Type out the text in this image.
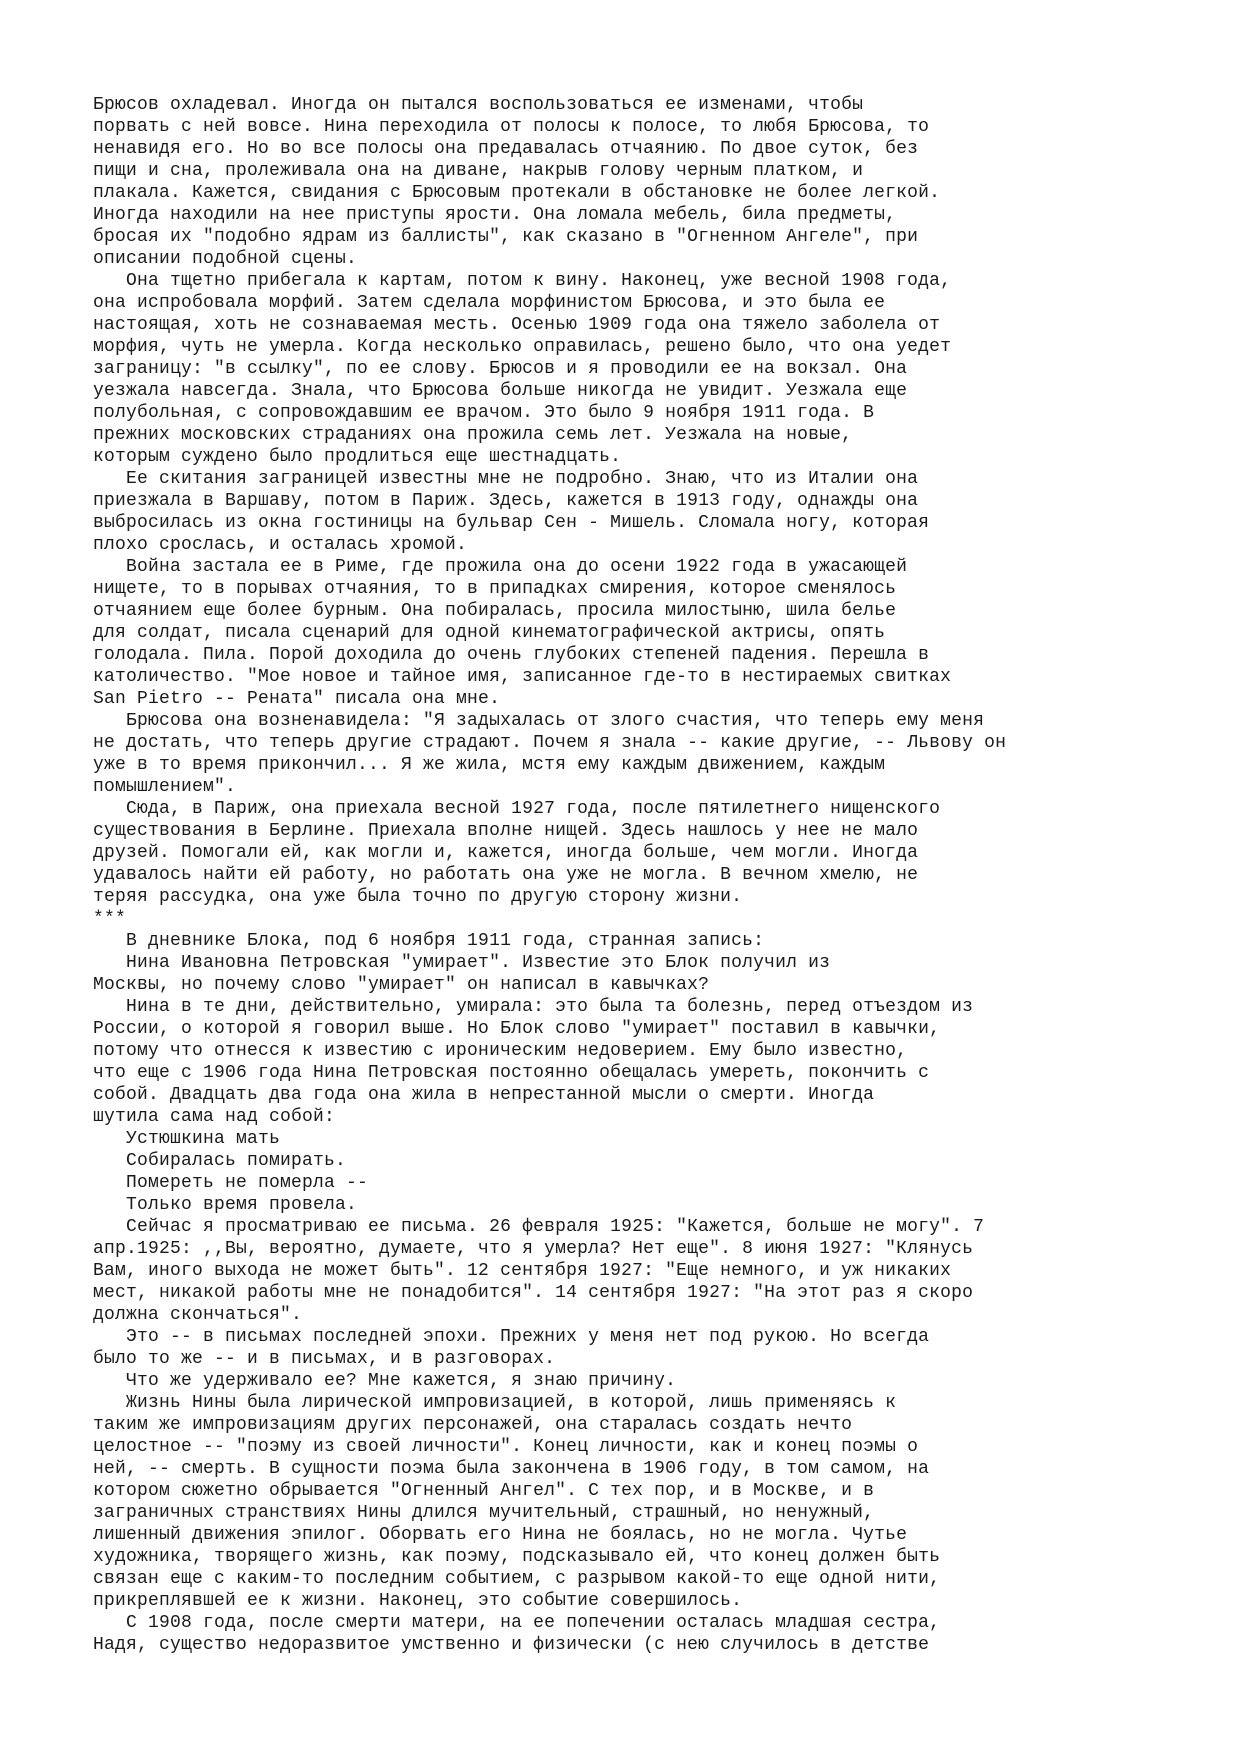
Брюсов охладевал. Иногда он пытался воспользоваться ее изменами, чтобы
порвать с ней вовсе. Нина переходила от полосы к полосе, то любя Брюсова, то
ненавидя его. Но во все полосы она предавалась отчаянию. По двое суток, без
пищи и сна, пролеживала она на диване, накрыв голову черным платком, и
плакала. Кажется, свидания с Брюсовым протекали в обстановке не более легкой.
Иногда находили на нее приступы ярости. Она ломала мебель, била предметы,
бросая их "подобно ядрам из баллисты", как сказано в "Огненном Ангеле", при
описании подобной сцены.
Она тщетно прибегала к картам, потом к вину. Наконец, уже весной 1908 года,
она испробовала морфий. Затем сделала морфинистом Брюсова, и это была ее
настоящая, хоть не сознаваемая месть. Осенью 1909 года она тяжело заболела от
морфия, чуть не умерла. Когда несколько оправилась, решено было, что она уедет
заграницу: "в ссылку", по ее слову. Брюсов и я проводили ее на вокзал. Она
уезжала навсегда. Знала, что Брюсова больше никогда не увидит. Уезжала еще
полубольная, с сопровождавшим ее врачом. Это было 9 ноября 1911 года. В
прежних московских страданиях она прожила семь лет. Уезжала на новые,
которым суждено было продлиться еще шестнадцать.
Ее скитания заграницей известны мне не подробно. Знаю, что из Италии она
приезжала в Варшаву, потом в Париж. Здесь, кажется в 1913 году, однажды она
выбросилась из окна гостиницы на бульвар Сен - Мишель. Сломала ногу, которая
плохо срослась, и осталась хромой.
Война застала ее в Риме, где прожила она до осени 1922 года в ужасающей
нищете, то в порывах отчаяния, то в припадках смирения, которое сменялось
отчаянием еще более бурным. Она побиралась, просила милостыню, шила белье
для солдат, писала сценарий для одной кинематографической актрисы, опять
голодала. Пила. Порой доходила до очень глубоких степеней падения. Перешла в
католичество. "Мое новое и тайное имя, записанное где-то в нестираемых свитках
San Pietro -- Рената" писала она мне.
Брюсова она возненавидела: "Я задыхалась от злого счастия, что теперь ему меня
не достать, что теперь другие страдают. Почем я знала -- какие другие, -- Львову он
уже в то время прикончил... Я же жила, мстя ему каждым движением, каждым
помышлением".
Сюда, в Париж, она приехала весной 1927 года, после пятилетнего нищенского
существования в Берлине. Приехала вполне нищей. Здесь нашлось у нее не мало
друзей. Помогали ей, как могли и, кажется, иногда больше, чем могли. Иногда
удавалось найти ей работу, но работать она уже не могла. В вечном хмелю, не
теряя рассудка, она уже была точно по другую сторону жизни.
***
В дневнике Блока, под 6 ноября 1911 года, странная запись:
Нина Ивановна Петровская "умирает". Известие это Блок получил из
Москвы, но почему слово "умирает" он написал в кавычках?
Нина в те дни, действительно, умирала: это была та болезнь, перед отъездом из
России, о которой я говорил выше. Но Блок слово "умирает" поставил в кавычки,
потому что отнесся к известию с ироническим недоверием. Ему было известно,
что еще с 1906 года Нина Петровская постоянно обещалась умереть, покончить с
собой. Двадцать два года она жила в непрестанной мысли о смерти. Иногда
шутила сама над собой:
Устюшкина мать
Собиралась помирать.
Помереть не померла --
Только время провела.
Сейчас я просматриваю ее письма. 26 февраля 1925: "Кажется, больше не могу". 7
апр.1925: ,,Вы, вероятно, думаете, что я умерла? Нет еще". 8 июня 1927: "Клянусь
Вам, иного выхода не может быть". 12 сентября 1927: "Еще немного, и уж никаких
мест, никакой работы мне не понадобится". 14 сентября 1927: "На этот раз я скоро
должна скончаться".
Это -- в письмах последней эпохи. Прежних у меня нет под рукою. Но всегда
было то же -- и в письмах, и в разговорах.
Что же удерживало ее? Мне кажется, я знаю причину.
Жизнь Нины была лирической импровизацией, в которой, лишь применяясь к
таким же импровизациям других персонажей, она старалась создать нечто
целостное -- "поэму из своей личности". Конец личности, как и конец поэмы о
ней, -- смерть. В сущности поэма была закончена в 1906 году, в том самом, на
котором сюжетно обрывается "Огненный Ангел". С тех пор, и в Москве, и в
заграничных странствиях Нины длился мучительный, страшный, но ненужный,
лишенный движения эпилог. Оборвать его Нина не боялась, но не могла. Чутье
художника, творящего жизнь, как поэму, подсказывало ей, что конец должен быть
связан еще с каким-то последним событием, с разрывом какой-то еще одной нити,
прикреплявшей ее к жизни. Наконец, это событие совершилось.
С 1908 года, после смерти матери, на ее попечении осталась младшая сестра,
Надя, существо недоразвитое умственно и физически (с нею случилось в детстве
